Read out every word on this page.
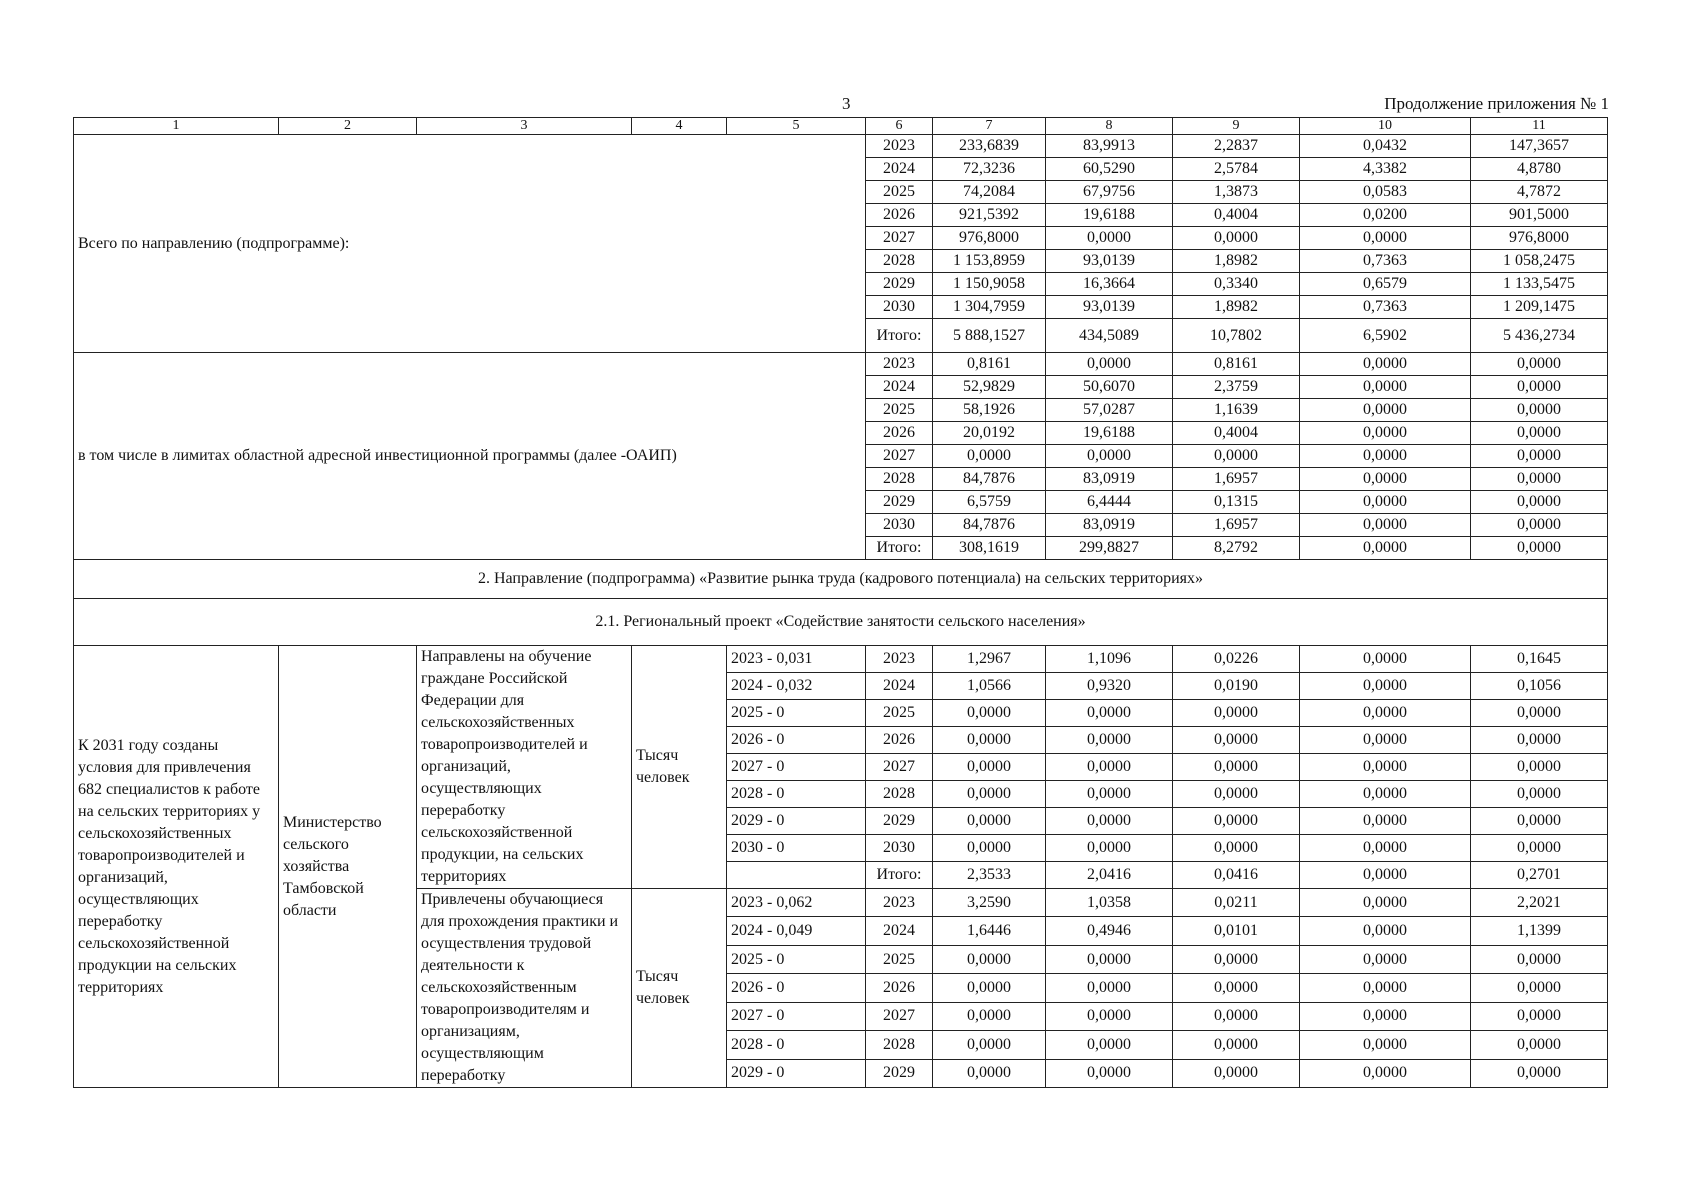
3	Продолжение приложения № 1
1	2	3	4	5	6	7	8	9	10	11
Всего по направлению (подпрограмме):					2023	233,6839	83,9913	2,2837	0,0432	147,3657
					2024	72,3236	60,5290	2,5784	4,3382	4,8780
					2025	74,2084	67,9756	1,3873	0,0583	4,7872
					2026	921,5392	19,6188	0,4004	0,0200	901,5000
					2027	976,8000	0,0000	0,0000	0,0000	976,8000
					2028	1 153,8959	93,0139	1,8982	0,7363	1 058,2475
					2029	1 150,9058	16,3664	0,3340	0,6579	1 133,5475
					2030	1 304,7959	93,0139	1,8982	0,7363	1 209,1475
					Итого:	5 888,1527	434,5089	10,7802	6,5902	5 436,2734
в том числе в лимитах областной адресной инвестиционной программы (далее -ОАИП)					2023	0,8161	0,0000	0,8161	0,0000	0,0000
					2024	52,9829	50,6070	2,3759	0,0000	0,0000
					2025	58,1926	57,0287	1,1639	0,0000	0,0000
					2026	20,0192	19,6188	0,4004	0,0000	0,0000
					2027	0,0000	0,0000	0,0000	0,0000	0,0000
					2028	84,7876	83,0919	1,6957	0,0000	0,0000
					2029	6,5759	6,4444	0,1315	0,0000	0,0000
					2030	84,7876	83,0919	1,6957	0,0000	0,0000
					Итого:	308,1619	299,8827	8,2792	0,0000	0,0000
2. Направление (подпрограмма) «Развитие рынка труда (кадрового потенциала) на сельских территориях»										
2.1. Региональный проект «Содействие занятости сельского населения»										
К 2031 году созданы условия для привлечения 682 специалистов к работе на сельских территориях у сельскохозяйственных товаропроизводителей и организаций, осуществляющих переработку сельскохозяйственной продукции на сельских территориях	Министерство сельского хозяйства Тамбовской области	Направлены на обучение граждане Российской Федерации для сельскохозяйственных товаропроизводителей и организаций, осуществляющих переработку сельскохозяйственной продукции, на сельских территориях	Тысяч человек	2023 - 0,031	2023	1,2967	1,1096	0,0226	0,0000	0,1645
				2024 - 0,032	2024	1,0566	0,9320	0,0190	0,0000	0,1056
				2025 - 0	2025	0,0000	0,0000	0,0000	0,0000	0,0000
				2026 - 0	2026	0,0000	0,0000	0,0000	0,0000	0,0000
				2027 - 0	2027	0,0000	0,0000	0,0000	0,0000	0,0000
				2028 - 0	2028	0,0000	0,0000	0,0000	0,0000	0,0000
				2029 - 0	2029	0,0000	0,0000	0,0000	0,0000	0,0000
				2030 - 0	2030	0,0000	0,0000	0,0000	0,0000	0,0000
					Итого:	2,3533	2,0416	0,0416	0,0000	0,2701
		Привлечены обучающиеся для прохождения практики и осуществления трудовой деятельности к сельскохозяйственным товаропроизводителям и организациям, осуществляющим переработку	Тысяч человек	2023 - 0,062	2023	3,2590	1,0358	0,0211	0,0000	2,2021
				2024 - 0,049	2024	1,6446	0,4946	0,0101	0,0000	1,1399
				2025 - 0	2025	0,0000	0,0000	0,0000	0,0000	0,0000
				2026 - 0	2026	0,0000	0,0000	0,0000	0,0000	0,0000
				2027 - 0	2027	0,0000	0,0000	0,0000	0,0000	0,0000
				2028 - 0	2028	0,0000	0,0000	0,0000	0,0000	0,0000
				2029 - 0	2029	0,0000	0,0000	0,0000	0,0000	0,0000
